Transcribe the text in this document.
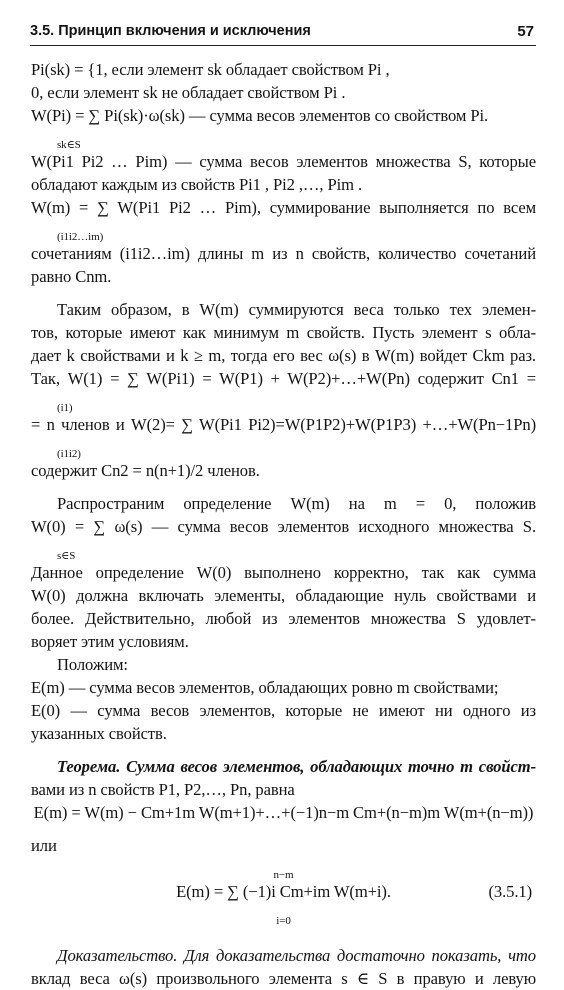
3.5. Принцип включения и исключения	57
Pi(sk) = {1, если элемент sk обладает свойством Pi ,
0, если элемент sk не обладает свойством Pi .
W(Pi) = ∑ Pi(sk)·ω(sk) — сумма весов элементов со свойством Pi.
sk∈S
W(Pi1 Pi2 … Pim) — сумма весов элементов множества S, которые
обладают каждым из свойств Pi1 , Pi2 ,…, Pim .
W(m) = ∑ W(Pi1 Pi2 … Pim), суммирование выполняется по всем
(i1i2…im)
сочетаниям (i1i2…im) длины m из n свойств, количество сочетаний
равно Cnm.
Таким образом, в W(m) суммируются веса только тех элемен-
тов, которые имеют как минимум m свойств. Пусть элемент s обла-
дает k свойствами и k ≥ m, тогда его вес ω(s) в W(m) войдет Ckm раз.
Так, W(1) = ∑ W(Pi1) = W(P1) + W(P2)+…+W(Pn) содержит Cn1 =
(i1)
= n членов и W(2)= ∑ W(Pi1 Pi2)=W(P1P2)+W(P1P3) +…+W(Pn−1Pn)
(i1i2)
содержит Cn2 = n(n+1)/2 членов.
Распространим определение W(m) на m = 0, положив
W(0) = ∑ ω(s) — сумма весов элементов исходного множества S.
s∈S
Данное определение W(0) выполнено корректно, так как сумма
W(0) должна включать элементы, обладающие нуль свойствами и
более. Действительно, любой из элементов множества S удовлет-
воряет этим условиям.
Положим:
E(m) — сумма весов элементов, обладающих ровно m свойствами;
E(0) — сумма весов элементов, которые не имеют ни одного из
указанных свойств.
Теорема. Сумма весов элементов, обладающих точно m свойст-
вами из n свойств P1, P2,…, Pn, равна
E(m) = W(m) − Cm+1m W(m+1)+…+(−1)n−m Cm+(n−m)m W(m+(n−m))
или
n−m
E(m) = ∑ (−1)i Cm+im W(m+i).	(3.5.1)
i=0
Доказательство. Для доказательства достаточно показать, что
вклад веса ω(s) произвольного элемента s ∈ S в правую и левую
